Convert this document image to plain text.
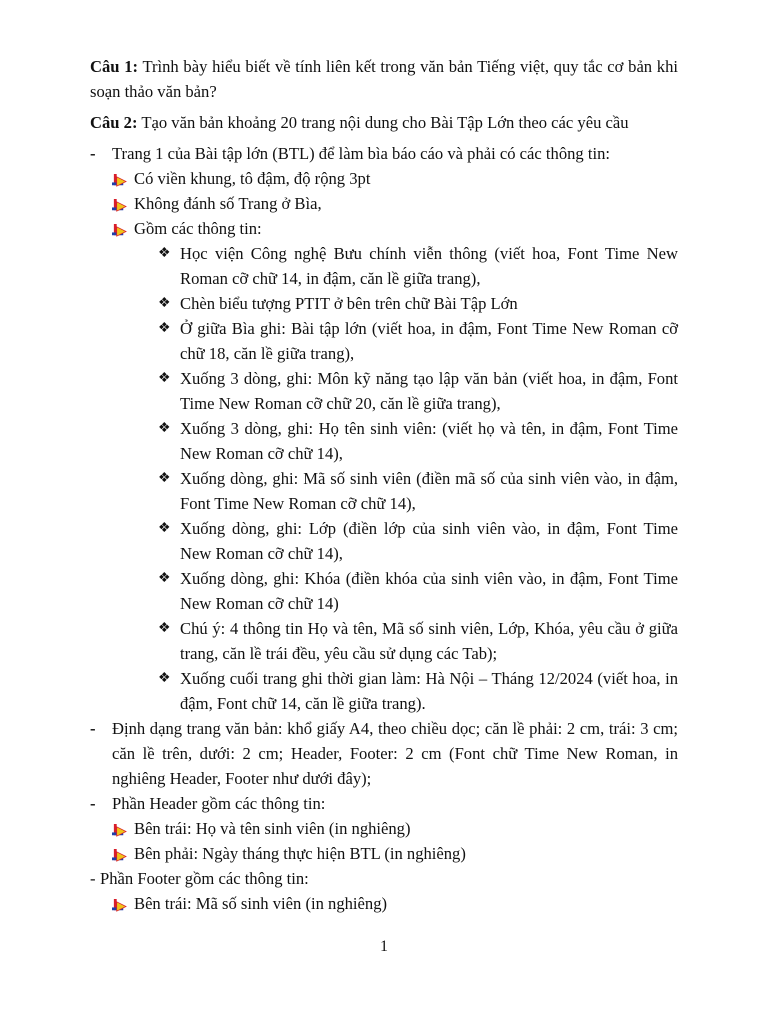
Câu 1: Trình bày hiểu biết về tính liên kết trong văn bản Tiếng việt, quy tắc cơ bản khi soạn thảo văn bản?

Câu 2: Tạo văn bản khoảng 20 trang nội dung cho Bài Tập Lớn theo các yêu cầu

- Trang 1 của Bài tập lớn (BTL) để làm bìa báo cáo và phải có các thông tin:
Có viền khung, tô đậm, độ rộng 3pt
Không đánh số Trang ở Bìa,
Gồm các thông tin:
❖ Học viện Công nghệ Bưu chính viễn thông (viết hoa, Font Time New Roman cỡ chữ 14, in đậm, căn lề giữa trang),
❖ Chèn biểu tượng PTIT ở bên trên chữ Bài Tập Lớn
❖ Ở giữa Bìa ghi: Bài tập lớn (viết hoa, in đậm, Font Time New Roman cỡ chữ 18, căn lề giữa trang),
❖ Xuống 3 dòng, ghi: Môn kỹ năng tạo lập văn bản (viết hoa, in đậm, Font Time New Roman cỡ chữ 20, căn lề giữa trang),
❖ Xuống 3 dòng, ghi: Họ tên sinh viên: (viết họ và tên, in đậm, Font Time New Roman cỡ chữ 14),
❖ Xuống dòng, ghi: Mã số sinh viên (điền mã số của sinh viên vào, in đậm, Font Time New Roman cỡ chữ 14),
❖ Xuống dòng, ghi: Lớp (điền lớp của sinh viên vào, in đậm, Font Time New Roman cỡ chữ 14),
❖ Xuống dòng, ghi: Khóa (điền khóa của sinh viên vào, in đậm, Font Time New Roman cỡ chữ 14)
❖ Chú ý: 4 thông tin Họ và tên, Mã số sinh viên, Lớp, Khóa, yêu cầu ở giữa trang, căn lề trái đều, yêu cầu sử dụng các Tab);
❖ Xuống cuối trang ghi thời gian làm: Hà Nội – Tháng 12/2024 (viết hoa, in đậm, Font chữ 14, căn lề giữa trang).
- Định dạng trang văn bản: khổ giấy A4, theo chiều dọc; căn lề phải: 2 cm, trái: 3 cm; căn lề trên, dưới: 2 cm; Header, Footer: 2 cm (Font chữ Time New Roman, in nghiêng Header, Footer như dưới đây);
- Phần Header gồm các thông tin:
Bên trái: Họ và tên sinh viên (in nghiêng)
Bên phải: Ngày tháng thực hiện BTL (in nghiêng)
- Phần Footer gồm các thông tin:
Bên trái: Mã số sinh viên (in nghiêng)
1
